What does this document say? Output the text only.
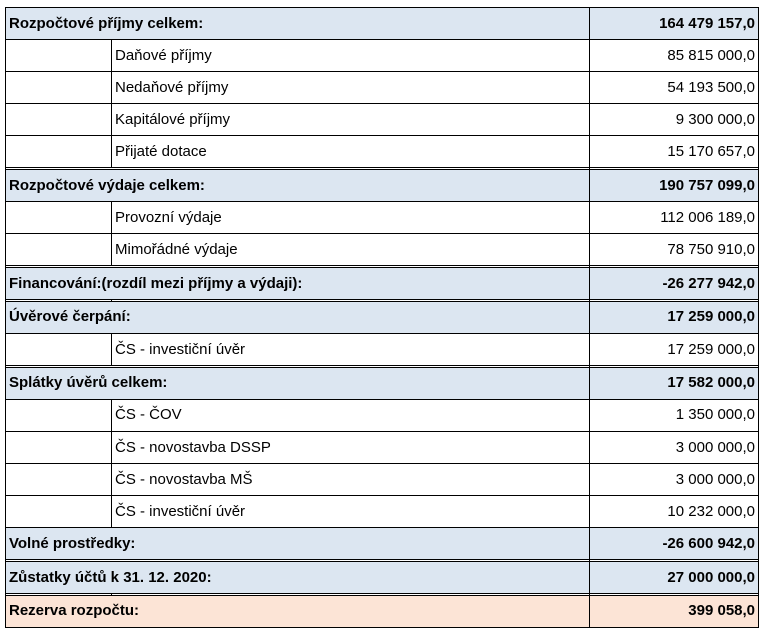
Rozpočtové příjmy celkem:		164 479 157,0
	Daňové příjmy	85 815 000,0
	Nedaňové příjmy	54 193 500,0
	Kapitálové příjmy	9 300 000,0
	Přijaté dotace	15 170 657,0

Rozpočtové výdaje celkem:		190 757 099,0
	Provozní výdaje	112 006 189,0
	Mimořádné výdaje	78 750 910,0

Financování:(rozdíl mezi příjmy a výdaji):		-26 277 942,0

Úvěrové čerpání:		17 259 000,0
	ČS - investiční úvěr	17 259 000,0

Splátky úvěrů celkem:		17 582 000,0
	ČS - ČOV	1 350 000,0
	ČS - novostavba DSSP	3 000 000,0
	ČS - novostavba MŠ	3 000 000,0
	ČS - investiční úvěr	10 232 000,0
Volné prostředky:		-26 600 942,0

Zůstatky účtů k 31. 12. 2020:		27 000 000,0

Rezerva rozpočtu:		399 058,0
